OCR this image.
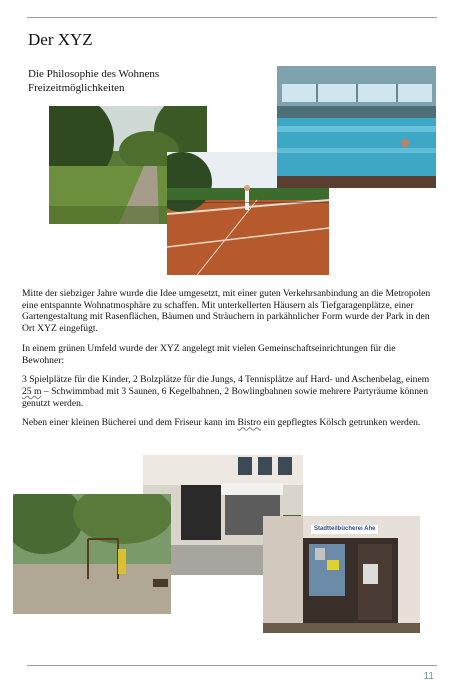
Der XYZ
Die Philosophie des Wohnens
Freizeitmöglichkeiten

Mitte der siebziger Jahre wurde die Idee umgesetzt, mit einer guten Verkehrsanbindung an die Metropolen eine entspannte Wohnatmosphäre zu schaffen. Mit unterkellerten Häusern als Tiefgaragenplätze, einer Gartengestaltung mit Rasenflächen, Bäumen und Sträuchern in parkähnlicher Form wurde der Park in den Ort XYZ eingefügt.

In einem grünen Umfeld wurde der XYZ angelegt mit vielen Gemeinschaftseinrichtungen für die Bewohner:

3 Spielplätze für die Kinder, 2 Bolzplätze für die Jungs, 4 Tennisplätze auf Hard- und Aschenbelag, einem 25 m – Schwimmbad mit 3 Saunen, 6 Kegelbahnen, 2 Bowlingbahnen sowie mehrere Partyräume können genutzt werden.

Neben einer kleinen Bücherei und dem Friseur kann im Bistro ein gepflegtes Kölsch getrunken werden.

Stadtteilbücherei Ahe
11
